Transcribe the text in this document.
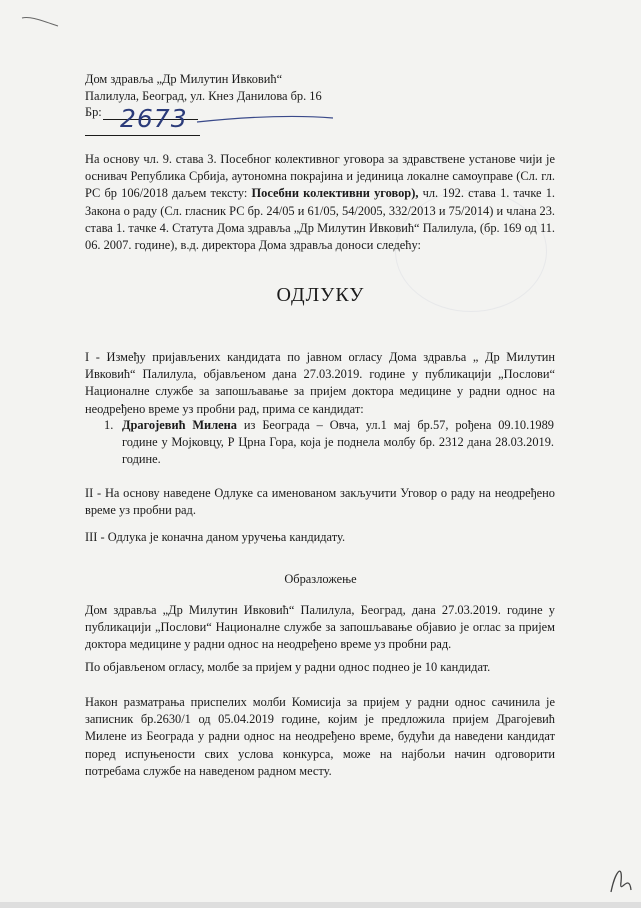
Дом здравља „Др Милутин Ивковић“
Палилула, Београд, ул. Кнез Данилова бр. 16
Бр: 2673
На основу чл. 9. става 3. Посебног колективног уговора за здравствене установе чији је оснивач Република Србија, аутономна покрајина и јединица локалне самоуправе (Сл. гл. РС бр 106/2018 даљем тексту: Посебни колективни уговор), чл. 192. става 1. тачке 1. Закона о раду (Сл. гласник РС бр. 24/05 и 61/05, 54/2005, 332/2013 и 75/2014) и члана 23. става 1. тачке 4. Статута Дома здравља „Др Милутин Ивковић“ Палилула, (бр. 169 од 11. 06. 2007. године), в.д. директора Дома здравља доноси следећу:
ОДЛУКУ
I - Између пријављених кандидата по јавном огласу Дома здравља „ Др Милутин Ивковић“ Палилула, објављеном дана 27.03.2019. године у публикацији „Послови“ Националне службе за запошљавање за пријем доктора медицине у радни однос на неодређено време уз пробни рад, прима се кандидат:
1. Драгојевић Милена из Београда – Овча, ул.1 мај бр.57, рођена 09.10.1989 године у Мојковцу, Р Црна Гора, која је поднела молбу бр. 2312 дана 28.03.2019. године.
II - На основу наведене Одлуке са именованом закључити Уговор о раду на неодређено време уз пробни рад.
III - Одлука је коначна даном уручења кандидату.
Образложење
Дом здравља „Др Милутин Ивковић“ Палилула, Београд, дана 27.03.2019. године у публикацији „Послови“ Националне службе за запошљавање објавио је оглас за пријем доктора медицине у радни однос на неодређено време уз пробни рад.
По објављеном огласу, молбе за пријем у радни однос поднео је 10 кандидат.
Након разматрања приспелих молби Комисија за пријем у радни однос сачинила је записник бр.2630/1 од 05.04.2019 године, којим је предложила пријем Драгојевић Милене из Београда у радни однос на неодређено време, будући да наведени кандидат поред испуњености свих услова конкурса, може на најбољи начин одговорити потребама службе на наведеном радном месту.
